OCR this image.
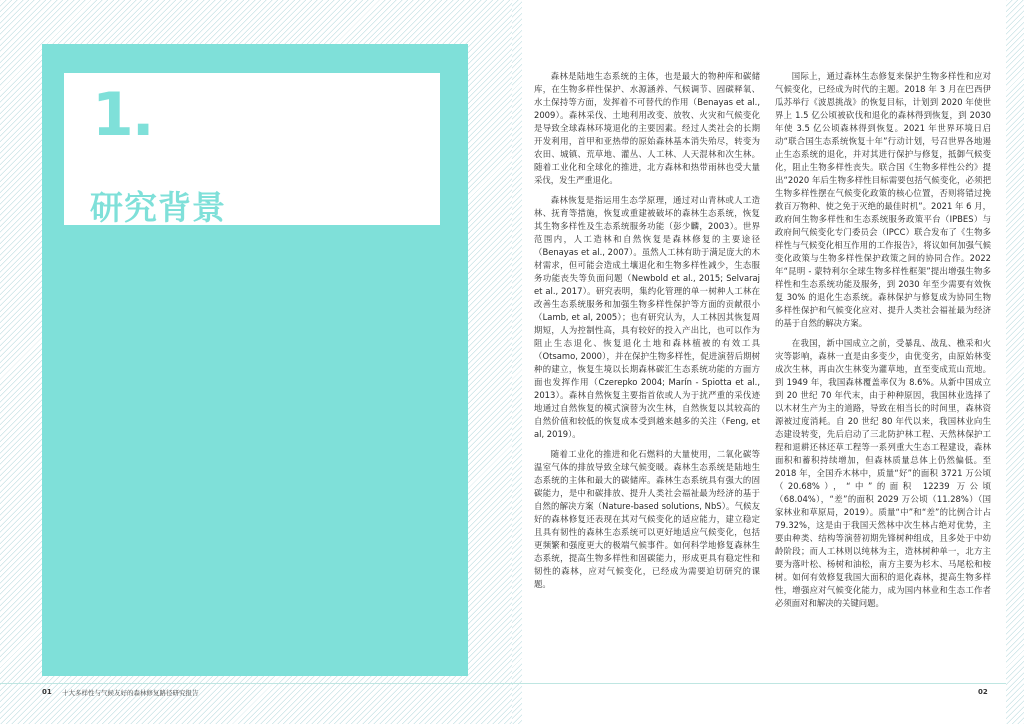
1.
研究背景
01 十大多样性与气候友好的森林修复路径研究报告

森林是陆地生态系统的主体，也是最大的物种库和碳储库，在生物多样性保护、水源涵养、气候调节、固碳释氧、水土保持等方面，发挥着不可替代的作用（Benayas et al., 2009）。森林采伐、土地利用改变、放牧、火灾和气候变化是导致全球森林环境退化的主要因素。经过人类社会的长期开发利用，首甲和亚热带的原始森林基本消失殆尽，转变为农田、城镇、荒草地、灌丛、人工林、人天混林和次生林。随着工业化和全球化的推进，北方森林和热带雨林也受大量采伐，发生严重退化。

森林恢复是指运用生态学原理，通过对山青林或人工造林、抚育等措施，恢复或重建被破坏的森林生态系统，恢复其生物多样性及生态系统服务功能（彭少麟，2003）。世界范围内，人工造林和自然恢复是森林修复的主要途径（Benayas et al., 2007）。虽然人工林有助于满足庞大的木材需求，但可能会造成土壤退化和生物多样性减少，生态服务功能丧失等负面问题（Newbold et al., 2015; Selvaraj et al., 2017）。研究表明，集约化管理的单一树种人工林在改善生态系统服务和加强生物多样性保护等方面的贡献很小（Lamb, et al, 2005）；也有研究认为，人工林因其恢复周期短，人为控制性高，具有较好的投入产出比，也可以作为阻止生态退化、恢复退化土地和森林植被的有效工具（Otsamo, 2000），并在保护生物多样性，促进演替后期树种的建立，恢复生境以长期森林碳汇生态系统功能的方面方面也发挥作用（Czerepko 2004; Marín - Spiotta et al., 2013）。森林自然恢复主要指首依或人为于扰严重的采伐迹地通过自然恢复的模式演替为次生林，自然恢复以其较高的自然价值和较低的恢复成本受到越来越多的关注（Feng, et al, 2019）。

随着工业化的推进和化石燃料的大量使用，二氧化碳等温室气体的排放导致全球气候变暖。森林生态系统是陆地生态系统的主体和最大的碳储库。森林生态系统具有强大的固碳能力，是中和碳排放、提升人类社会福祉最为经济的基于自然的解决方案（Nature-based solutions, NbS）。气候友好的森林修复还表现在其对气候变化的适应能力，建立稳定且具有韧性的森林生态系统可以更好地适应气候变化，包括更频繁和强度更大的极端气候事件。如何科学地修复森林生态系统，提高生物多样性和固碳能力，形成更具有稳定性和韧性的森林，应对气候变化，已经成为需要迫切研究的课题。

国际上，通过森林生态修复来保护生物多样性和应对气候变化，已经成为时代的主题。2018 年 3 月在巴西伊瓜苏举行《波恩挑战》的恢复目标，计划到 2020 年使世界上 1.5 亿公顷被砍伐和退化的森林得到恢复，到 2030 年使 3.5 亿公顷森林得到恢复。2021 年世界环境日启动“联合国生态系统恢复十年”行动计划，号召世界各地遏止生态系统的退化，并对其进行保护与修复，抵御气候变化，阻止生物多样性丧失。联合国《生物多样性公约》提出“2020 年后生物多样性目标需要包括气候变化，必须把生物多样性摆在气候变化政策的核心位置，否则将错过挽救百万物种、使之免于灭绝的最佳时机”。2021 年 6 月，政府间生物多样性和生态系统服务政策平台（IPBES）与政府间气候变化专门委员会（IPCC）联合发布了《生物多样性与气候变化相互作用的工作报告》，将议如何加强气候变化政策与生物多样性保护政策之间的协同合作。2022 年“昆明 - 蒙特利尔全球生物多样性框架”提出增强生物多样性和生态系统功能及服务，到 2030 年至少需要有效恢复 30% 的退化生态系统。森林保护与修复成为协同生物多样性保护和气候变化应对、提升人类社会福祉最为经济的基于自然的解决方案。

在我国，新中国成立之前，受暴乱、战乱、樵采和火灾等影响，森林一直是由多变少，由优变劣，由原始林变成次生林，再由次生林变为灌草地，直至变成荒山荒地。到 1949 年，我国森林覆盖率仅为 8.6%。从新中国成立到 20 世纪 70 年代末，由于种种原因，我国林业选择了以木材生产为主的道路，导致在相当长的时间里，森林资源被过度消耗。自 20 世纪 80 年代以来，我国林业向生态建设转变，先后启动了三北防护林工程、天然林保护工程和退耕还林还草工程等一系列重大生态工程建设，森林面积和蓄积持续增加，但森林质量总体上仍然偏低。至 2018 年，全国乔木林中，质量“好”的面积 3721 万公顷（20.68%），“中”的面积 12239 万公顷（68.04%），“差”的面积 2029 万公顷（11.28%）（国家林业和草原局，2019）。质量“中”和“差”的比例合计占 79.32%，这是由于我国天然林中次生林占绝对优势，主要由种类、结构等演替初期先锋树种组成，且多处于中幼龄阶段；而人工林则以纯林为主，造林树种单一，北方主要为落叶松、杨树和油松，南方主要为杉木、马尾松和桉树。如何有效修复我国大面积的退化森林，提高生物多样性，增强应对气候变化能力，成为国内林业和生态工作者必须面对和解决的关键问题。

02
